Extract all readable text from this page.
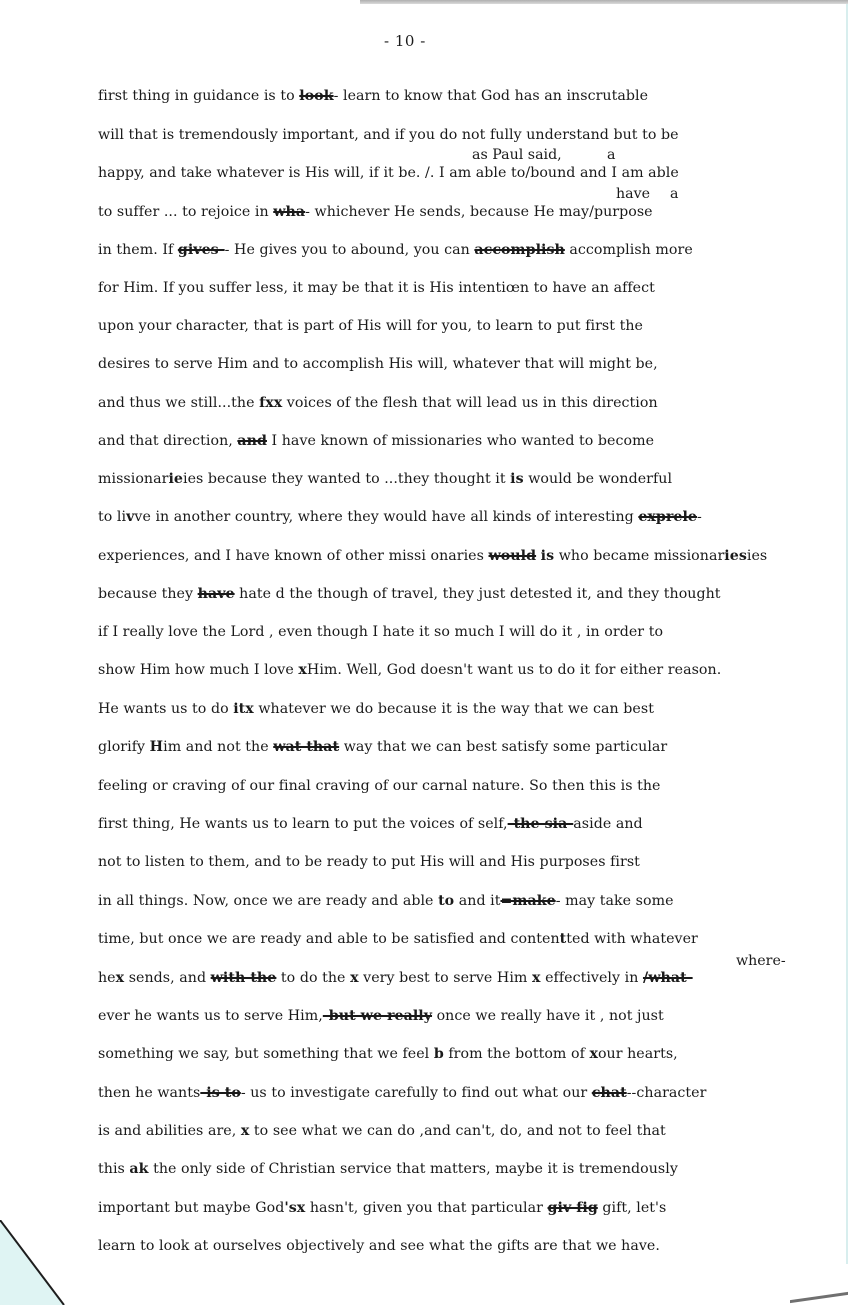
- 10 -
first thing in guidance is to look- learn to know that God has an inscrutable
will that is tremendously important, and if you do not fully understand but to be
happy, and take whatever is His will, if it be. /. I am able to/bound and I am able
to suffer ... to rejoice in wha- whichever He sends, because He may/purpose
in them. If gives-- He gives you to abound, you can accomplish accomplish more
for Him. If you suffer less, it may be that it is His intentiœn to have an affect
upon your character, that is part of His will for you, to learn to put first the
desires to serve Him and to accomplish His will, whatever that will might be,
and thus we still...the fxx voices of the flesh that will lead us in this direction
and that direction, and I have known of missionaries who wanted to become
missionarieies because they wanted to ...they thought it is would be wonderful
to livve in another country, where they would have all kinds of interesting exprele-
experiences, and I have known of other missi onaries would is who became missionariesies
because they have hate d the though of travel, they just detested it, and they thought
if I really love the Lord , even though I hate it so much I will do it , in order to
show Him how much I love xHim. Well, God doesn't want us to do it for either reason.
He wants us to do itx whatever we do because it is the way that we can best
glorify Him and not the wat that way that we can best satisfy some particular
feeling or craving of our final craving of our carnal nature. So then this is the
first thing, He wants us to learn to put the voices of self,-the sia-aside and
not to listen to them, and to be ready to put His will and His purposes first
in all things. Now, once we are ready and able to and it=make- may take some
time, but once we are ready and able to be satisfied and contentted with whatever
hex sends, and with the to do the x very best to serve Him x effectively in /what-
ever he wants us to serve Him,-but we really once we really have it , not just
something we say, but something that we feel b from the bottom of xour hearts,
then he wants-is to- us to investigate carefully to find out what our chat--character
is and abilities are, x to see what we can do ,and can't, do, and not to feel that
this ak the only side of Christian service that matters, maybe it is tremendously
important but maybe God'sx hasn't, given you that particular giv fig gift, let's
learn to look at ourselves objectively and see what the gifts are that we have.
as Paul said,	a
have a
where-
